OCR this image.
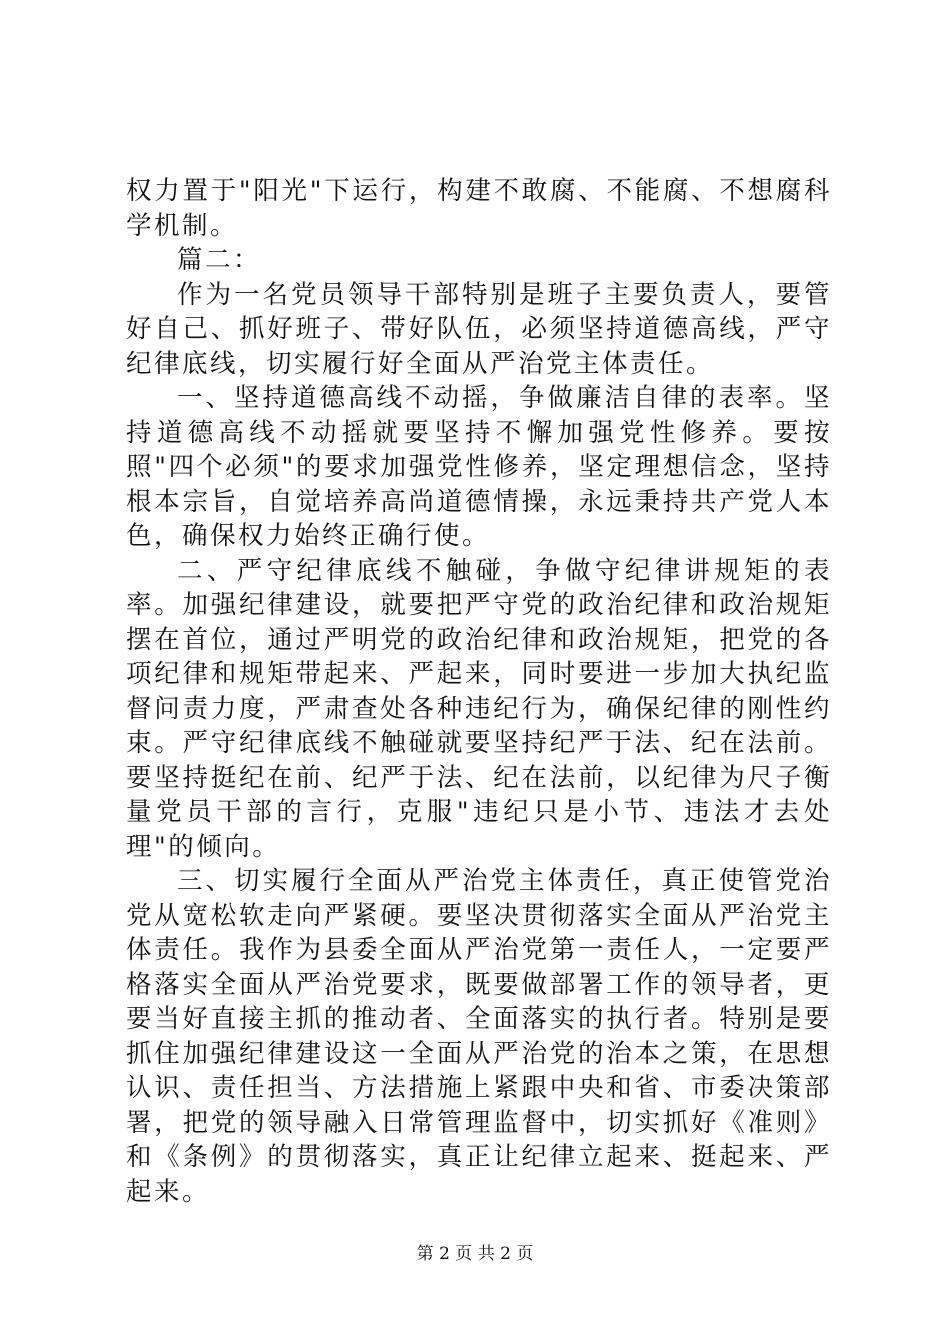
权力置于"阳光"下运行，构建不敢腐、不能腐、不想腐科学机制。

篇二：

作为一名党员领导干部特别是班子主要负责人，要管好自己、抓好班子、带好队伍，必须坚持道德高线，严守纪律底线，切实履行好全面从严治党主体责任。

一、坚持道德高线不动摇，争做廉洁自律的表率。坚持道德高线不动摇就要坚持不懈加强党性修养。要按照"四个必须"的要求加强党性修养，坚定理想信念，坚持根本宗旨，自觉培养高尚道德情操，永远秉持共产党人本色，确保权力始终正确行使。

二、严守纪律底线不触碰，争做守纪律讲规矩的表率。加强纪律建设，就要把严守党的政治纪律和政治规矩摆在首位，通过严明党的政治纪律和政治规矩，把党的各项纪律和规矩带起来、严起来，同时要进一步加大执纪监督问责力度，严肃查处各种违纪行为，确保纪律的刚性约束。严守纪律底线不触碰就要坚持纪严于法、纪在法前。要坚持挺纪在前、纪严于法、纪在法前，以纪律为尺子衡量党员干部的言行，克服"违纪只是小节、违法才去处理"的倾向。

三、切实履行全面从严治党主体责任，真正使管党治党从宽松软走向严紧硬。要坚决贯彻落实全面从严治党主体责任。我作为县委全面从严治党第一责任人，一定要严格落实全面从严治党要求，既要做部署工作的领导者，更要当好直接主抓的推动者、全面落实的执行者。特别是要抓住加强纪律建设这一全面从严治党的治本之策，在思想认识、责任担当、方法措施上紧跟中央和省、市委决策部署，把党的领导融入日常管理监督中，切实抓好《准则》和《条例》的贯彻落实，真正让纪律立起来、挺起来、严起来。

第 2 页 共 2 页
